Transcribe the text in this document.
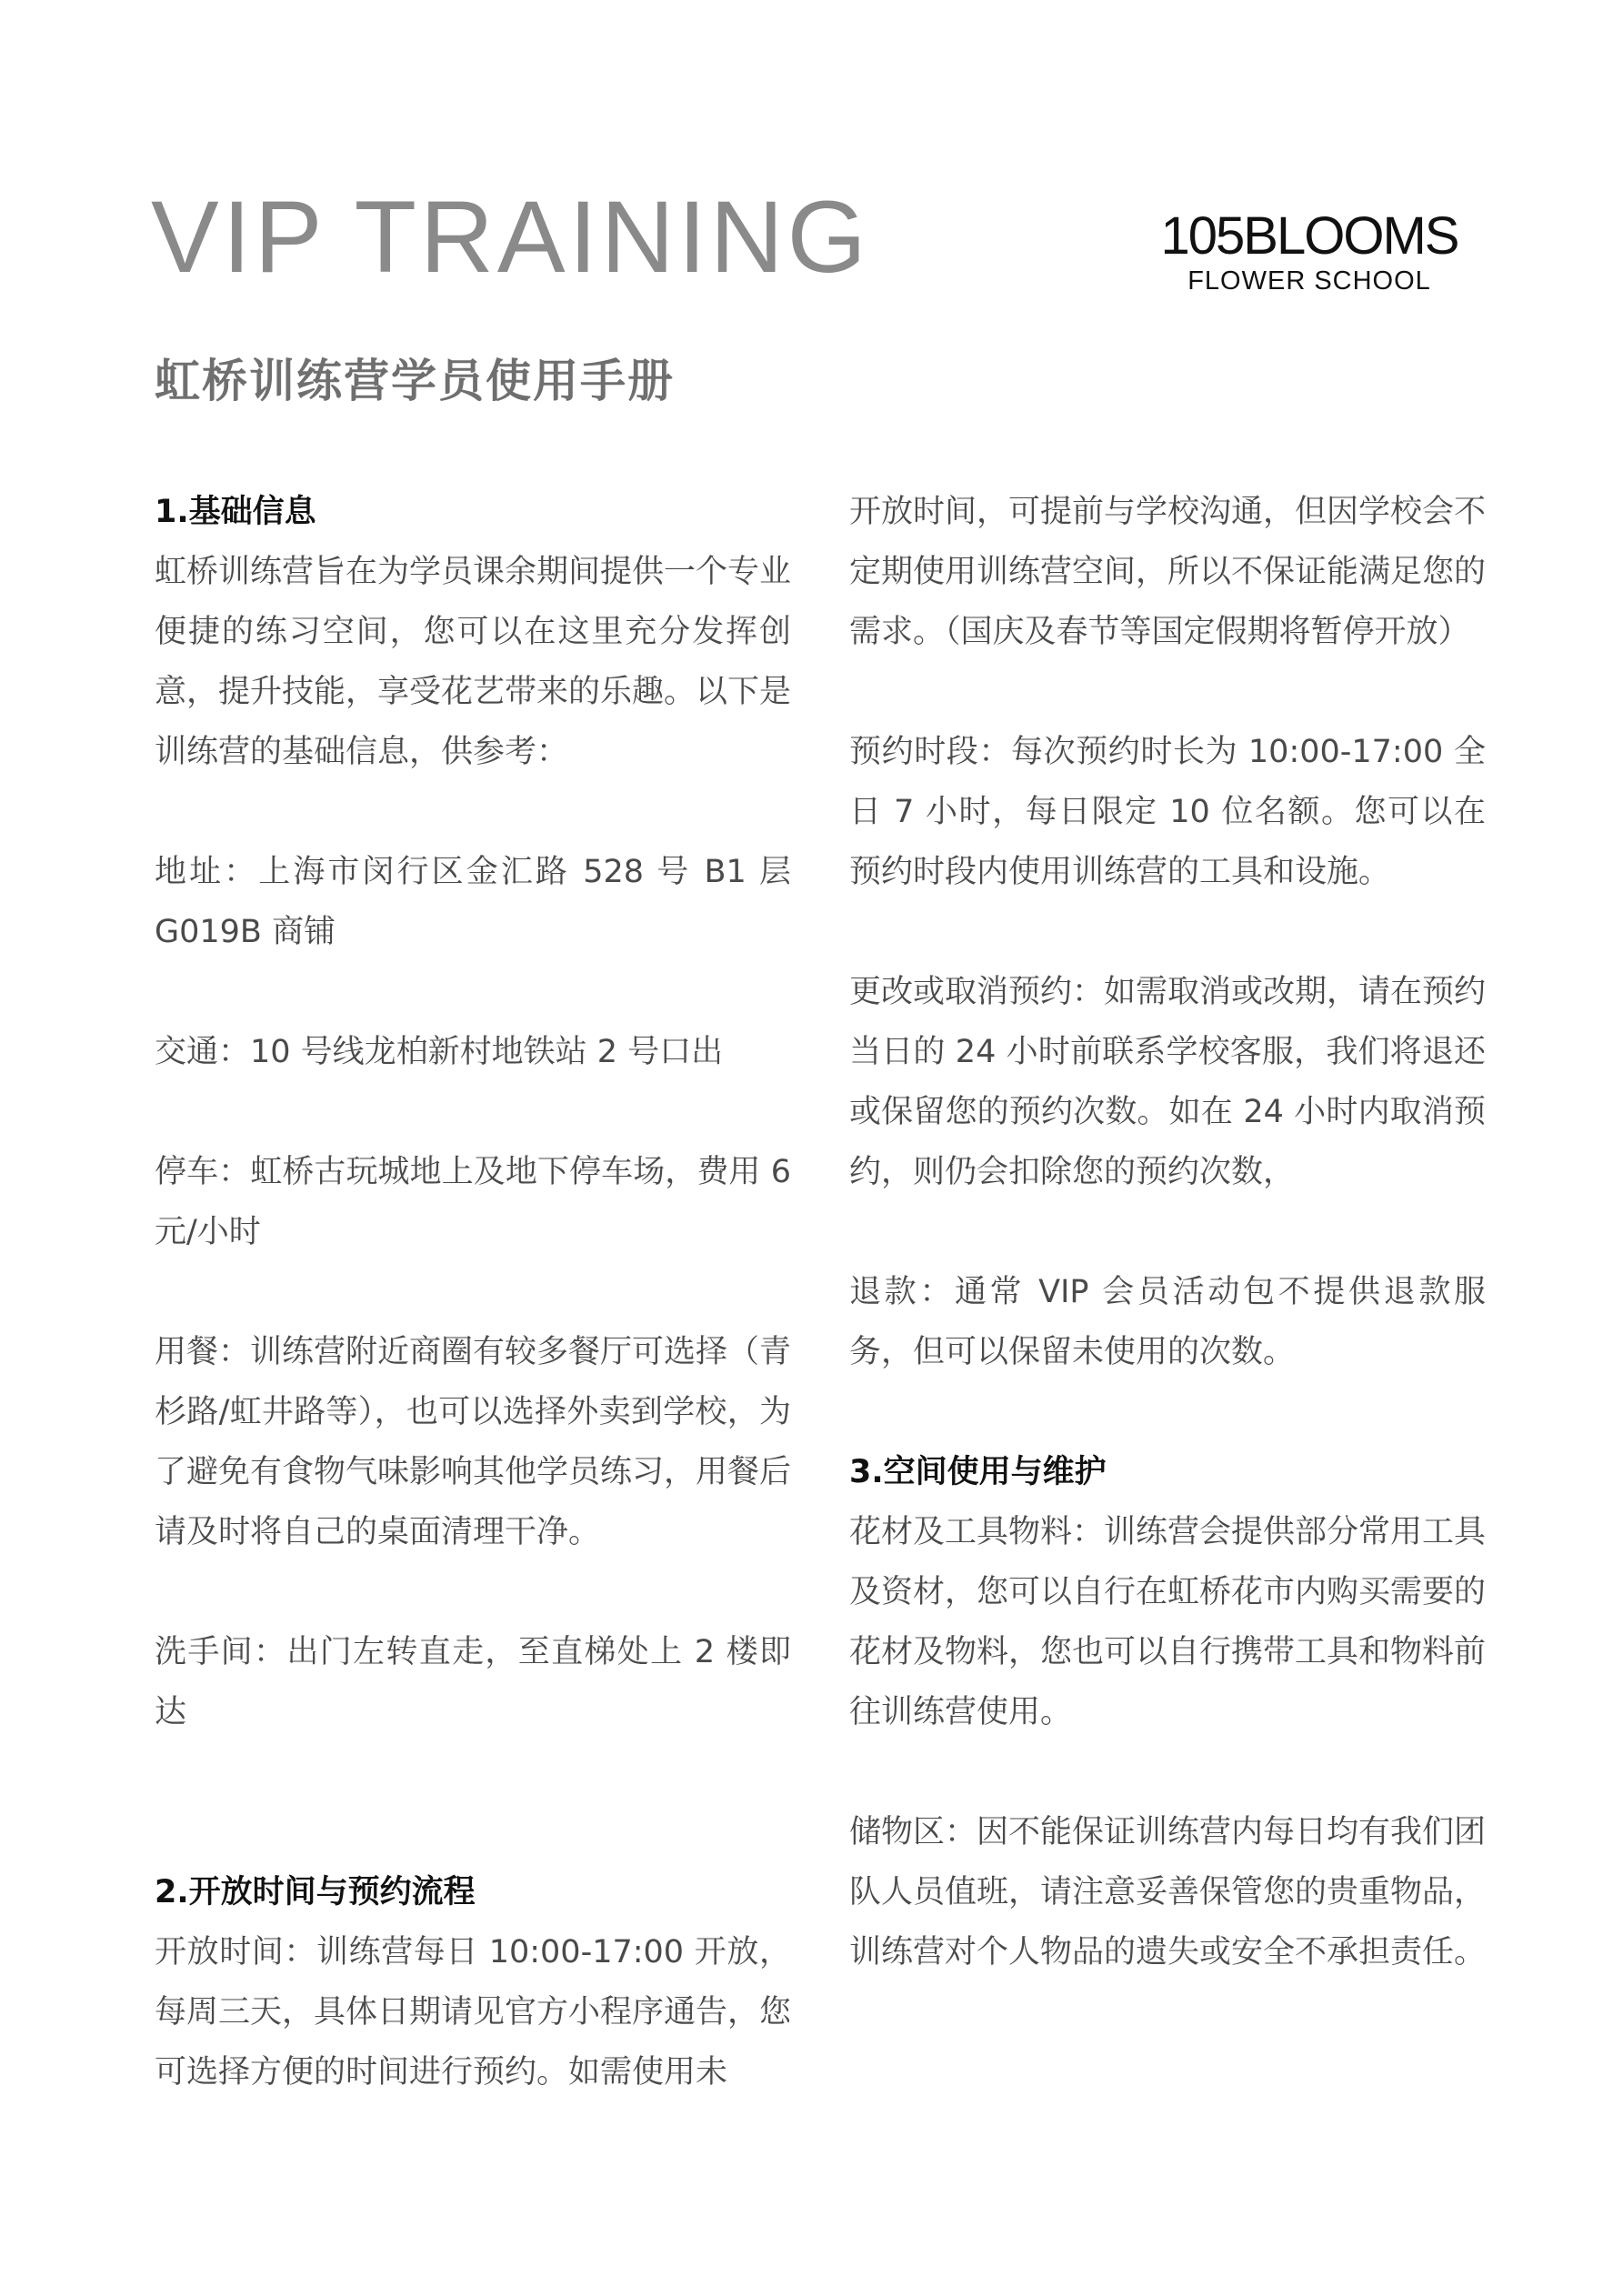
VIP TRAINING	105BLOOMS
FLOWER SCHOOL
虹桥训练营学员使用手册
1.基础信息

虹桥训练营旨在为学员课余期间提供一个专业便捷的练习空间，您可以在这里充分发挥创意，提升技能，享受花艺带来的乐趣。以下是训练营的基础信息，供参考：

地址：上海市闵行区金汇路 528 号 B1 层 G019B 商铺

交通：10 号线龙柏新村地铁站 2 号口出

停车：虹桥古玩城地上及地下停车场，费用 6 元/小时

用餐：训练营附近商圈有较多餐厅可选择（青杉路/虹井路等），也可以选择外卖到学校，为了避免有食物气味影响其他学员练习，用餐后请及时将自己的桌面清理干净。

洗手间：出门左转直走，至直梯处上 2 楼即达

2.开放时间与预约流程

开放时间：训练营每日 10:00-17:00 开放，每周三天，具体日期请见官方小程序通告，您可选择方便的时间进行预约。如需使用未

开放时间，可提前与学校沟通，但因学校会不定期使用训练营空间，所以不保证能满足您的需求。（国庆及春节等国定假期将暂停开放）

预约时段：每次预约时长为 10:00-17:00 全日 7 小时，每日限定 10 位名额。您可以在预约时段内使用训练营的工具和设施。

更改或取消预约：如需取消或改期，请在预约当日的 24 小时前联系学校客服，我们将退还或保留您的预约次数。如在 24 小时内取消预约，则仍会扣除您的预约次数，

退款：通常 VIP 会员活动包不提供退款服务，但可以保留未使用的次数。

3.空间使用与维护

花材及工具物料：训练营会提供部分常用工具及资材，您可以自行在虹桥花市内购买需要的花材及物料，您也可以自行携带工具和物料前往训练营使用。

储物区：因不能保证训练营内每日均有我们团队人员值班，请注意妥善保管您的贵重物品，训练营对个人物品的遗失或安全不承担责任。
